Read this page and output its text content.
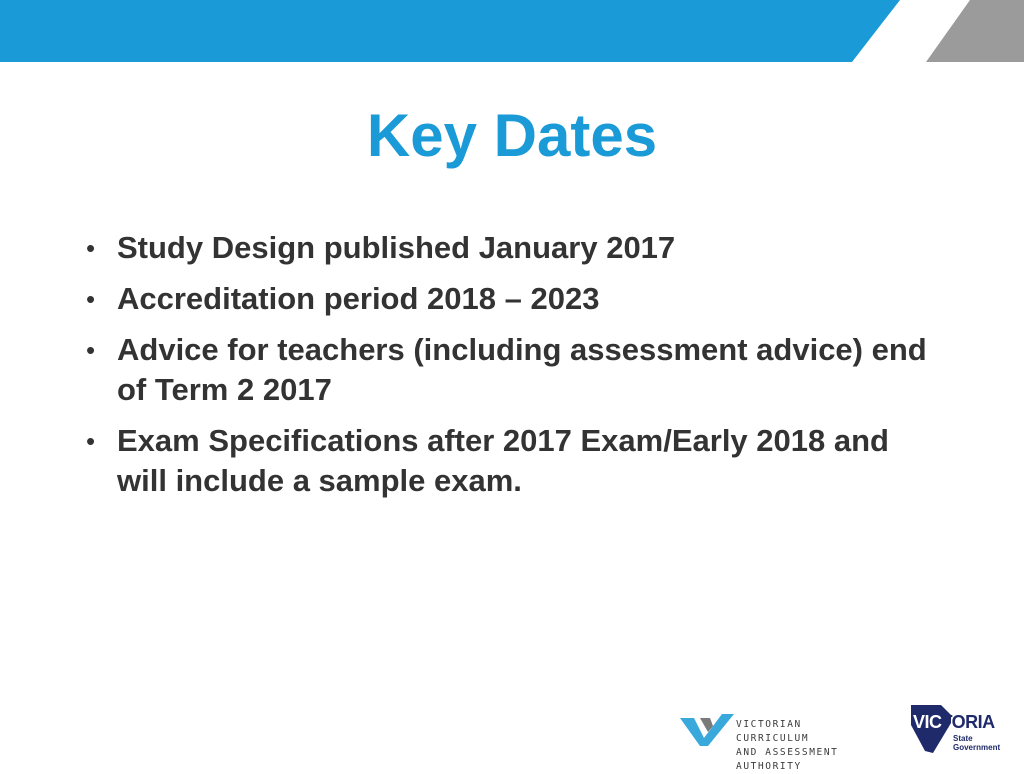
Key Dates
• Study Design published January 2017
• Accreditation period 2018 – 2023
• Advice for teachers (including assessment advice) end of Term 2 2017
• Exam Specifications after 2017 Exam/Early 2018 and will include a sample exam.
VICTORIAN CURRICULUM
AND ASSESSMENT AUTHORITY
VICTORIA
State
Government
